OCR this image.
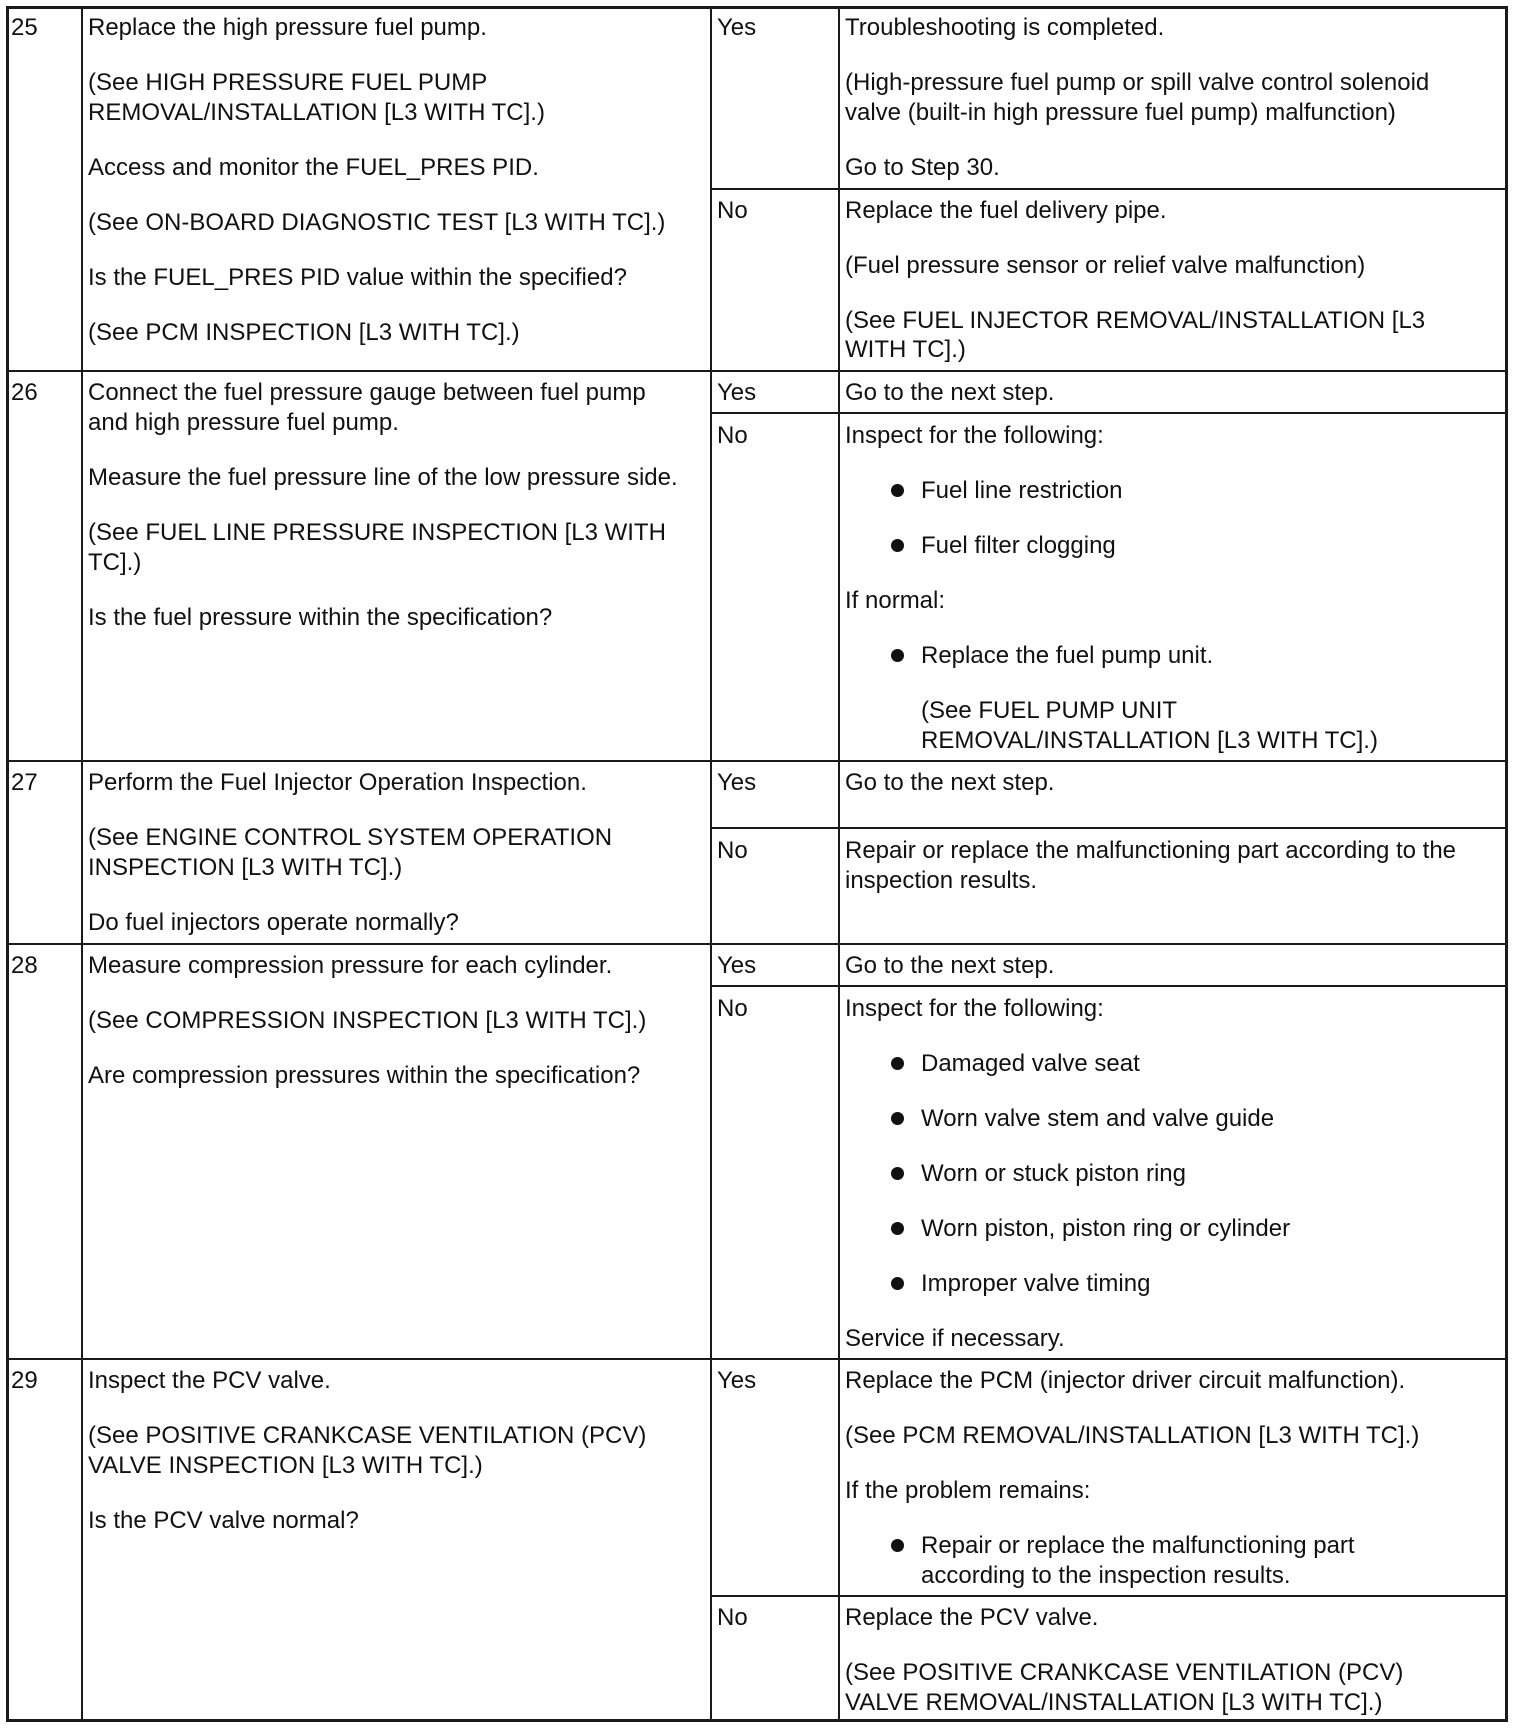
25 Replace the high pressure fuel pump.
(See HIGH PRESSURE FUEL PUMP
REMOVAL/INSTALLATION [L3 WITH TC].)
Access and monitor the FUEL_PRES PID.
(See ON-BOARD DIAGNOSTIC TEST [L3 WITH TC].)
Is the FUEL_PRES PID value within the specified?
(See PCM INSPECTION [L3 WITH TC].)
Yes	Troubleshooting is completed.
(High-pressure fuel pump or spill valve control solenoid
valve (built-in high pressure fuel pump) malfunction)
Go to Step 30.
No	Replace the fuel delivery pipe.
(Fuel pressure sensor or relief valve malfunction)
(See FUEL INJECTOR REMOVAL/INSTALLATION [L3
WITH TC].)
26 Connect the fuel pressure gauge between fuel pump
and high pressure fuel pump.
Measure the fuel pressure line of the low pressure side.
(See FUEL LINE PRESSURE INSPECTION [L3 WITH
TC].)
Is the fuel pressure within the specification?
Yes	Go to the next step.
No	Inspect for the following:
Fuel line restriction
Fuel filter clogging
If normal:
Replace the fuel pump unit.
(See FUEL PUMP UNIT
REMOVAL/INSTALLATION [L3 WITH TC].)
27 Perform the Fuel Injector Operation Inspection.
(See ENGINE CONTROL SYSTEM OPERATION
INSPECTION [L3 WITH TC].)
Do fuel injectors operate normally?
Yes	Go to the next step.
No	Repair or replace the malfunctioning part according to the
inspection results.
28 Measure compression pressure for each cylinder.
(See COMPRESSION INSPECTION [L3 WITH TC].)
Are compression pressures within the specification?
Yes	Go to the next step.
No	Inspect for the following:
Damaged valve seat
Worn valve stem and valve guide
Worn or stuck piston ring
Worn piston, piston ring or cylinder
Improper valve timing
Service if necessary.
29 Inspect the PCV valve.
(See POSITIVE CRANKCASE VENTILATION (PCV)
VALVE INSPECTION [L3 WITH TC].)
Is the PCV valve normal?
Yes	Replace the PCM (injector driver circuit malfunction).
(See PCM REMOVAL/INSTALLATION [L3 WITH TC].)
If the problem remains:
Repair or replace the malfunctioning part
according to the inspection results.
No	Replace the PCV valve.
(See POSITIVE CRANKCASE VENTILATION (PCV)
VALVE REMOVAL/INSTALLATION [L3 WITH TC].)
